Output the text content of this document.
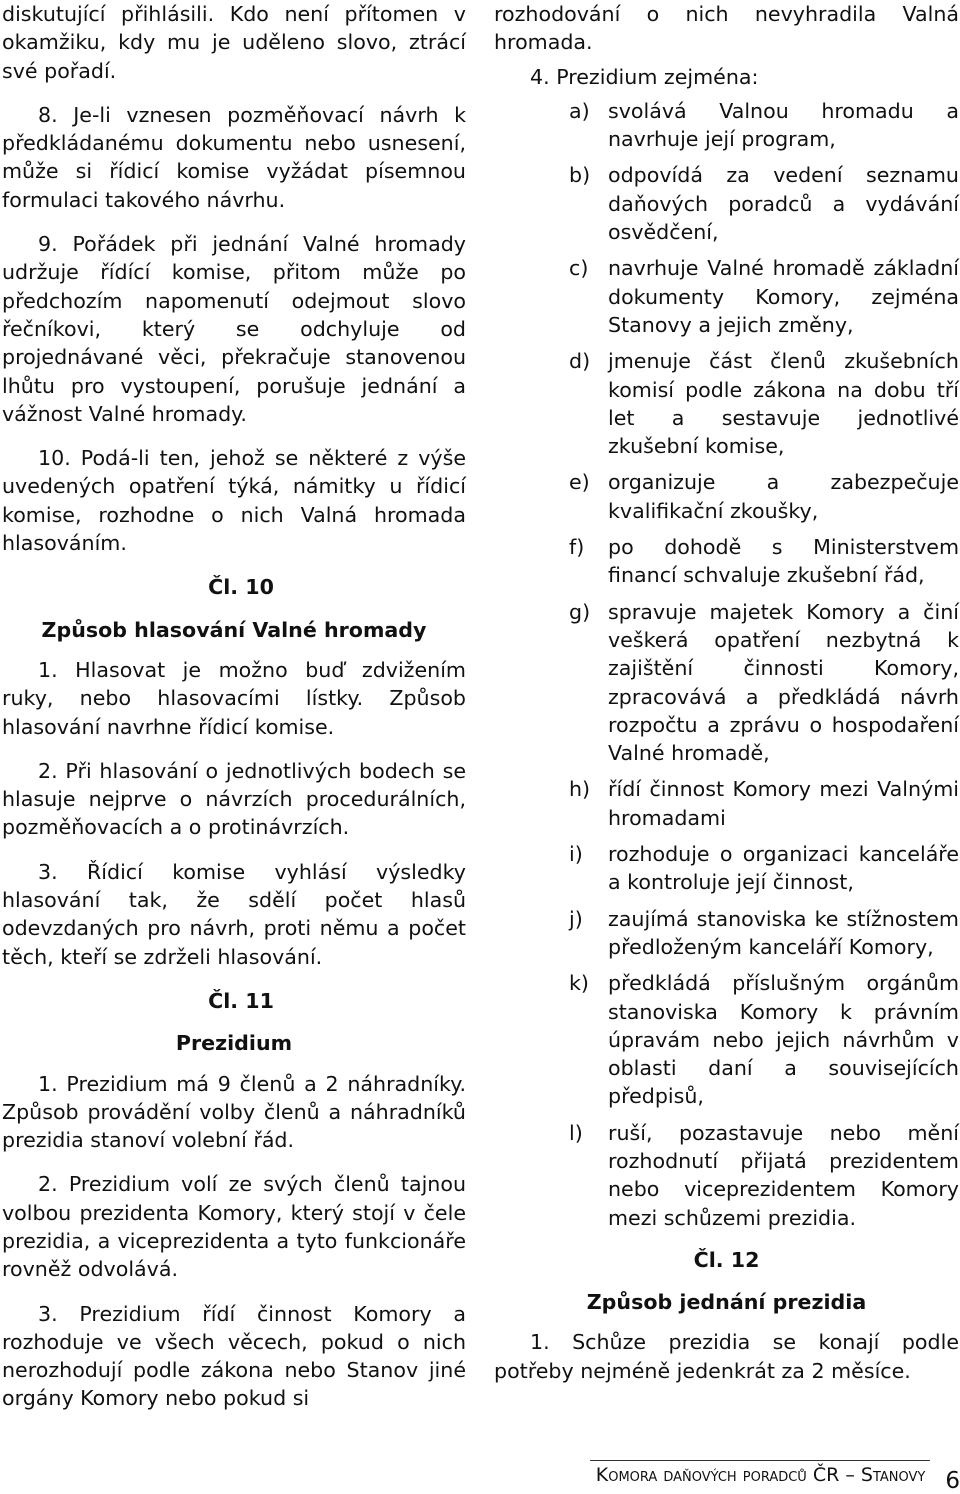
diskutující přihlásili. Kdo není přítomen v okamžiku, kdy mu je uděleno slovo, ztrácí své pořadí.

8. Je-li vznesen pozměňovací návrh k předkládanému dokumentu nebo usnesení, může si řídicí komise vyžádat písemnou formulaci takového návrhu.

9. Pořádek při jednání Valné hromady udržuje řídící komise, přitom může po předchozím napomenutí odejmout slovo řečníkovi, který se odchyluje od projednávané věci, překračuje stanovenou lhůtu pro vystoupení, porušuje jednání a vážnost Valné hromady.

10. Podá-li ten, jehož se některé z výše uvedených opatření týká, námitky u řídicí komise, rozhodne o nich Valná hromada hlasováním.

Čl. 10
Způsob hlasování Valné hromady

1. Hlasovat je možno buď zdvižením ruky, nebo hlasovacími lístky. Způsob hlasování navrhne řídicí komise.

2. Při hlasování o jednotlivých bodech se hlasuje nejprve o návrzích procedurálních, pozměňovacích a o protinávrzích.

3. Řídicí komise vyhlásí výsledky hlasování tak, že sdělí počet hlasů odevzdaných pro návrh, proti němu a počet těch, kteří se zdrželi hlasování.

Čl. 11
Prezidium

1. Prezidium má 9 členů a 2 náhradníky. Způsob provádění volby členů a náhradníků prezidia stanoví volební řád.

2. Prezidium volí ze svých členů tajnou volbou prezidenta Komory, který stojí v čele prezidia, a viceprezidenta a tyto funkcionáře rovněž odvolává.

3. Prezidium řídí činnost Komory a rozhoduje ve všech věcech, pokud o nich nerozhodují podle zákona nebo Stanov jiné orgány Komory nebo pokud si

rozhodování o nich nevyhradila Valná hromada.

4. Prezidium zejména:

a) svolává Valnou hromadu a navrhuje její program,
b) odpovídá za vedení seznamu daňových poradců a vydávání osvědčení,
c) navrhuje Valné hromadě základní dokumenty Komory, zejména Stanovy a jejich změny,
d) jmenuje část členů zkušebních komisí podle zákona na dobu tří let a sestavuje jednotlivé zkušební komise,
e) organizuje a zabezpečuje kvalifikační zkoušky,
f) po dohodě s Ministerstvem financí schvaluje zkušební řád,
g) spravuje majetek Komory a činí veškerá opatření nezbytná k zajištění činnosti Komory, zpracovává a předkládá návrh rozpočtu a zprávu o hospodaření Valné hromadě,
h) řídí činnost Komory mezi Valnými hromadami
i) rozhoduje o organizaci kanceláře a kontroluje její činnost,
j) zaujímá stanoviska ke stížnostem předloženým kanceláří Komory,
k) předkládá příslušným orgánům stanoviska Komory k právním úpravám nebo jejich návrhům v oblasti daní a souvisejících předpisů,
l) ruší, pozastavuje nebo mění rozhodnutí přijatá prezidentem nebo viceprezidentem Komory mezi schůzemi prezidia.
Čl. 12
Způsob jednání prezidia

1. Schůze prezidia se konají podle potřeby nejméně jedenkrát za 2 měsíce.

Komora daňových poradců ČR – Stanovy 6
